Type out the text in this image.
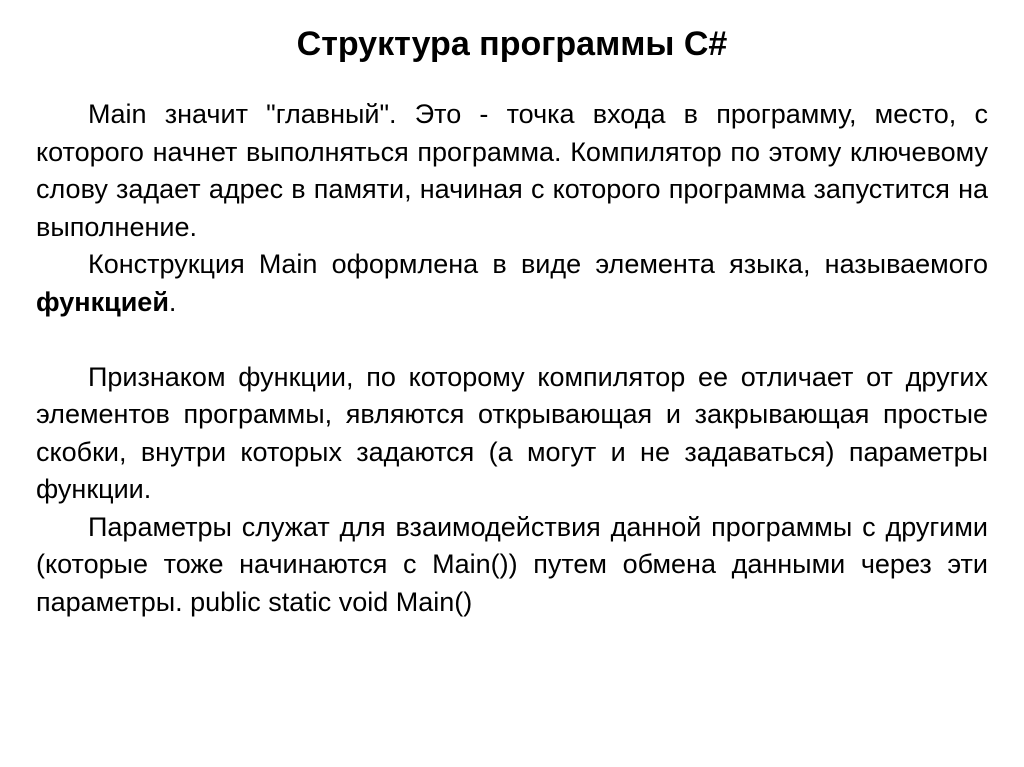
Структура программы C#

Main значит "главный". Это - точка входа в программу, место, с которого начнет выполняться программа. Компилятор по этому ключевому слову задает адрес в памяти, начиная с которого программа запустится на выполнение.

Конструкция Main оформлена в виде элемента языка, называемого функцией.

Признаком функции, по которому компилятор ее отличает от других элементов программы, являются открывающая и закрывающая простые скобки, внутри которых задаются (а могут и не задаваться) параметры функции.

Параметры служат для взаимодействия данной программы с другими (которые тоже начинаются с Main()) путем обмена данными через эти параметры. public static void Main()
